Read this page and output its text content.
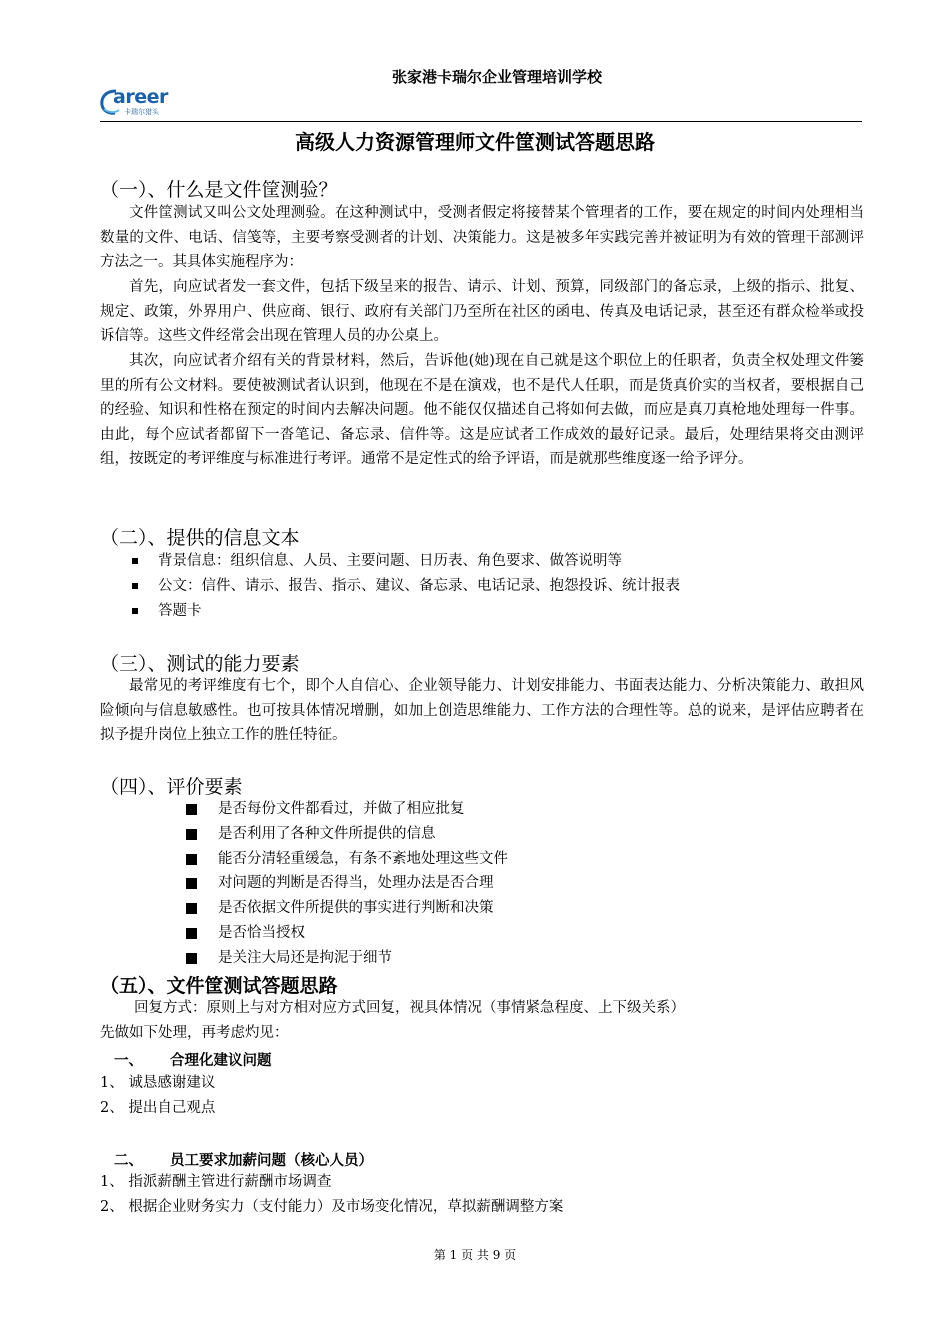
张家港卡瑞尔企业管理培训学校
areer
卡瑞尔猎头
高级人力资源管理师文件筐测试答题思路
（一）、什么是文件筐测验？
文件筐测试又叫公文处理测验。在这种测试中，受测者假定将接替某个管理者的工作，要在规定的时间内处理相当数量的文件、电话、信笺等，主要考察受测者的计划、决策能力。这是被多年实践完善并被证明为有效的管理干部测评方法之一。其具体实施程序为：
首先，向应试者发一套文件，包括下级呈来的报告、请示、计划、预算，同级部门的备忘录，上级的指示、批复、规定、政策，外界用户、供应商、银行、政府有关部门乃至所在社区的函电、传真及电话记录，甚至还有群众检举或投诉信等。这些文件经常会出现在管理人员的办公桌上。
其次，向应试者介绍有关的背景材料，然后，告诉他(她)现在自己就是这个职位上的任职者，负责全权处理文件篓里的所有公文材料。要使被测试者认识到，他现在不是在演戏，也不是代人任职，而是货真价实的当权者，要根据自己的经验、知识和性格在预定的时间内去解决问题。他不能仅仅描述自己将如何去做，而应是真刀真枪地处理每一件事。由此，每个应试者都留下一沓笔记、备忘录、信件等。这是应试者工作成效的最好记录。最后，处理结果将交由测评组，按既定的考评维度与标准进行考评。通常不是定性式的给予评语，而是就那些维度逐一给予评分。
（二）、提供的信息文本
背景信息：组织信息、人员、主要问题、日历表、角色要求、做答说明等
公文：信件、请示、报告、指示、建议、备忘录、电话记录、抱怨投诉、统计报表
答题卡
（三）、测试的能力要素
最常见的考评维度有七个，即个人自信心、企业领导能力、计划安排能力、书面表达能力、分析决策能力、敢担风险倾向与信息敏感性。也可按具体情况增删，如加上创造思维能力、工作方法的合理性等。总的说来，是评估应聘者在拟予提升岗位上独立工作的胜任特征。
（四）、评价要素
是否每份文件都看过，并做了相应批复
是否利用了各种文件所提供的信息
能否分清轻重缓急，有条不紊地处理这些文件
对问题的判断是否得当，处理办法是否合理
是否依据文件所提供的事实进行判断和决策
是否恰当授权
是关注大局还是拘泥于细节
（五）、文件筐测试答题思路
回复方式：原则上与对方相对应方式回复，视具体情况（事情紧急程度、上下级关系）
先做如下处理，再考虑灼见：
一、 合理化建议问题
1、 诚恳感谢建议
2、 提出自己观点
二、 员工要求加薪问题（核心人员）
1、 指派薪酬主管进行薪酬市场调查
2、 根据企业财务实力（支付能力）及市场变化情况，草拟薪酬调整方案
第 1 页 共 9 页
